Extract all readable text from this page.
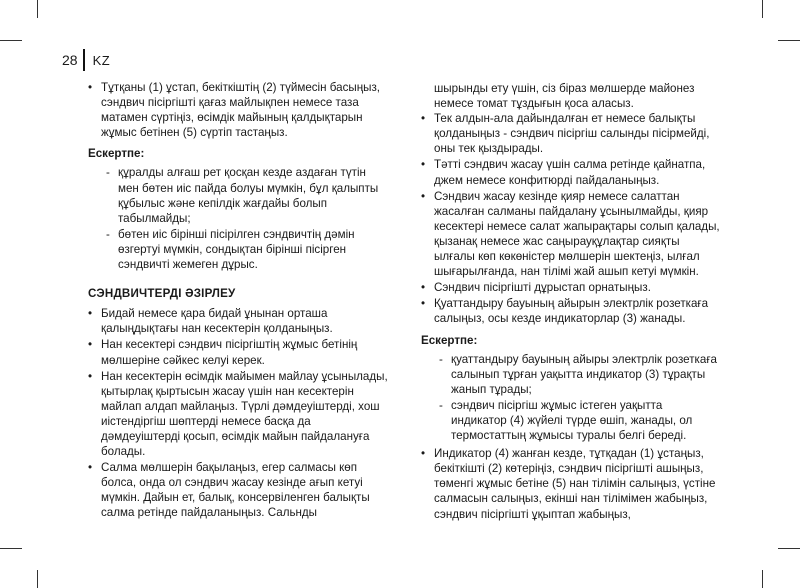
28 KZ
• Тұтқаны (1) ұстап, бекіткіштің (2) түймесін басыңыз, сэндвич пісіргішті қағаз майлықпен немесе таза матамен сүртіңіз, өсімдік майының қалдықтарын жұмыс бетінен (5) сүртіп тастаңыз.
Ескертпе:
- құралды алғаш рет қосқан кезде аздаған түтін мен бөтен иіс пайда болуы мүмкін, бұл қалыпты құбылыс және кепілдік жағдайы болып табылмайды;
- бөтен иіс бірінші пісірілген сэндвичтің дәмін өзгертуі мүмкін, сондықтан бірінші пісірген сэндвичті жемеген дұрыс.
СЭНДВИЧТЕРДІ ӘЗІРЛЕУ
• Бидай немесе қара бидай ұнынан орташа қалыңдықтағы нан кесектерін қолданыңыз.
• Нан кесектері сэндвич пісіргіштің жұмыс бетінің мөлшеріне сәйкес келуі керек.
• Нан кесектерін өсімдік майымен майлау ұсынылады, қытырлақ қыртысын жасау үшін нан кесектерін майлап алдап майлаңыз. Түрлі дәмдеуіштерді, хош иістендіргіш шөптерді немесе басқа да дәмдеуіштерді қосып, өсімдік майын пайдалануға болады.
• Салма мөлшерін бақылаңыз, егер салмасы көп болса, онда ол сэндвич жасау кезінде ағып кетуі мүмкін. Дайын ет, балық, консервіленген балықты салма ретінде пайдаланыңыз. Сальнды

шырынды ету үшін, сіз біраз мөлшерде майонез немесе томат тұздығын қоса аласыз.

• Тек алдын-ала дайындалған ет немесе балықты қолданыңыз - сэндвич пісіргіш салынды пісірмейді, оны тек қыздырады.
• Тәтті сэндвич жасау үшін салма ретінде қайнатпа, джем немесе конфитюрді пайдаланыңыз.
• Сэндвич жасау кезінде қияр немесе салаттан жасалған салманы пайдалану ұсынылмайды, қияр кесектері немесе салат жапырақтары солып қалады, қызанақ немесе жас саңырауқұлақтар сияқты ылғалы көп көкөністер мөлшерін шектеңіз, ылғал шығарылғанда, нан тілімі жай ашып кетуі мүмкін.
• Сэндвич пісіргішті дұрыстап орнатыңыз.
• Қуаттандыру бауының айырын электрлік розеткаға салыңыз, осы кезде индикаторлар (3) жанады.
Ескертпе:
- қуаттандыру бауының айыры электрлік розеткаға салынып тұрған уақытта индикатор (3) тұрақты жанып тұрады;
- сэндвич пісіргіш жұмыс істеген уақытта индикатор (4) жүйелі түрде өшіп, жанады, ол термостаттың жұмысы туралы белгі береді.
• Индикатор (4) жанған кезде, тұтқадан (1) ұстаңыз, бекіткішті (2) көтеріңіз, сэндвич пісіргішті ашыңыз, төменгі жұмыс бетіне (5) нан тілімін салыңыз, үстіне салмасын салыңыз, екінші нан тілімімен жабыңыз, сэндвич пісіргішті ұқыптап жабыңыз,
